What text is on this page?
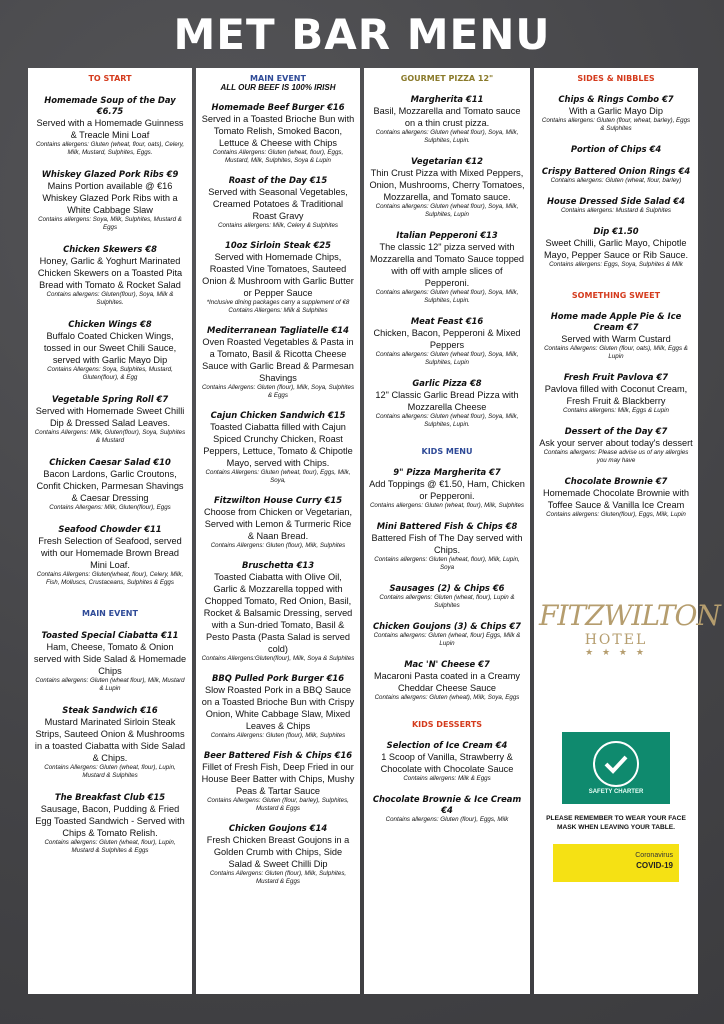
MET BAR MENU
TO START
Homemade Soup of the Day €6.75
Served with a Homemade Guinness & Treacle Mini Loaf
Contains allergens: Gluten (wheat, flour, oats), Celery, Milk, Mustard, Sulphites, Eggs.
Whiskey Glazed Pork Ribs €9
Mains Portion available @ €16 Whiskey Glazed Pork Ribs with a White Cabbage Slaw
Contains allergens: Soya, Milk, Sulphites, Mustard & Eggs
Chicken Skewers €8
Honey, Garlic & Yoghurt Marinated Chicken Skewers on a Toasted Pita Bread with Tomato & Rocket Salad
Contains allergens: Gluten(flour), Soya, Milk & Sulphites.
Chicken Wings €8
Buffalo Coated Chicken Wings, tossed in our Sweet Chili Sauce, served with Garlic Mayo Dip
Contains Allergens: Soya, Sulphites, Mustard, Gluten(flour), & Egg
Vegetable Spring Roll €7
Served with Homemade Sweet Chilli Dip & Dressed Salad Leaves.
Contains Allergens: Milk, Gluten(flour), Soya, Sulphites & Mustard
Chicken Caesar Salad €10
Bacon Lardons, Garlic Croutons, Confit Chicken, Parmesan Shavings & Caesar Dressing
Contains Allergens: Milk, Gluten(flour), Eggs
Seafood Chowder €11
Fresh Selection of Seafood, served with our Homemade Brown Bread Mini Loaf.
Contains Allergens: Gluten(wheat, flour), Celery, Milk, Fish, Molluscs, Crustaceans, Sulphites & Eggs
MAIN EVENT
Toasted Special Ciabatta €11
Ham, Cheese, Tomato & Onion served with Side Salad & Homemade Chips
Contains allergens: Gluten (wheat flour), Milk, Mustard & Lupin
Steak Sandwich €16
Mustard Marinated Sirloin Steak Strips, Sauteed Onion & Mushrooms in a toasted Ciabatta with Side Salad & Chips.
Contains Allergens: Gluten (wheat, flour), Lupin, Mustard & Sulphites
The Breakfast Club €15
Sausage, Bacon, Pudding & Fried Egg Toasted Sandwich - Served with Chips & Tomato Relish.
Contains allergens: Gluten (wheat, flour), Lupin, Mustard & Sulphites & Eggs
MAIN EVENT
ALL OUR BEEF IS 100% IRISH
Homemade Beef Burger €16
Served in a Toasted Brioche Bun with Tomato Relish, Smoked Bacon, Lettuce & Cheese with Chips
Contains Allergens: Gluten (wheat, flour), Eggs, Mustard, Milk, Sulphites, Soya & Lupin
Roast of the Day €15
Served with Seasonal Vegetables, Creamed Potatoes & Traditional Roast Gravy
Contains allergens: Milk, Celery & Sulphites
10oz Sirloin Steak €25
Served with Homemade Chips, Roasted Vine Tomatoes, Sauteed Onion & Mushroom with Garlic Butter or Pepper Sauce
*Inclusive dining packages carry a supplement of €8
Contains Allergens: Milk & Sulphites
Mediterranean Tagliatelle €14
Oven Roasted Vegetables & Pasta in a Tomato, Basil & Ricotta Cheese Sauce with Garlic Bread & Parmesan Shavings
Contains Allergens: Gluten (flour), Milk, Soya, Sulphites & Eggs
Cajun Chicken Sandwich €15
Toasted Ciabatta filled with Cajun Spiced Crunchy Chicken, Roast Peppers, Lettuce, Tomato & Chipotle Mayo, served with Chips.
Contains Allergens: Gluten (wheat, flour), Eggs, Milk, Soya,
Fitzwilton House Curry €15
Choose from Chicken or Vegetarian, Served with Lemon & Turmeric Rice & Naan Bread.
Contains Allergens: Gluten (flour), Milk, Sulphites
Bruschetta €13
Toasted Ciabatta with Olive Oil, Garlic & Mozzarella topped with Chopped Tomato, Red Onion, Basil, Rocket & Balsamic Dressing, served with a Sun-dried Tomato, Basil & Pesto Pasta (Pasta Salad is served cold)
Contains Allergens:Gluten(flour), Milk, Soya & Sulphites
BBQ Pulled Pork Burger €16
Slow Roasted Pork in a BBQ Sauce on a Toasted Brioche Bun with Crispy Onion, White Cabbage Slaw, Mixed Leaves & Chips
Contains Allergens: Gluten (flour), Milk, Sulphites
Beer Battered Fish & Chips €16
Fillet of Fresh Fish, Deep Fried in our House Beer Batter with Chips, Mushy Peas & Tartar Sauce
Contains Allergens: Gluten (flour, barley), Sulphites, Mustard & Eggs
Chicken Goujons €14
Fresh Chicken Breast Goujons in a Golden Crumb with Chips, Side Salad & Sweet Chilli Dip
Contains Allergens: Gluten (flour), Milk, Sulphites, Mustard & Eggs
GOURMET PIZZA 12"
Margherita €11
Basil, Mozzarella and Tomato sauce on a thin crust pizza.
Contains allergens: Gluten (wheat flour), Soya, Milk, Sulphites, Lupin.
Vegetarian €12
Thin Crust Pizza with Mixed Peppers, Onion, Mushrooms, Cherry Tomatoes, Mozzarella, and Tomato sauce.
Contains allergens: Gluten (wheat flour), Soya, Milk, Sulphites, Lupin
Italian Pepperoni €13
The classic 12" pizza served with Mozzarella and Tomato Sauce topped with off with ample slices of Pepperoni.
Contains allergens: Gluten (wheat flour), Soya, Milk, Sulphites, Lupin.
Meat Feast €16
Chicken, Bacon, Pepperoni & Mixed Peppers
Contains allergens: Gluten (wheat flour), Soya, Milk, Sulphites, Lupin
Garlic Pizza €8
12" Classic Garlic Bread Pizza with Mozzarella Cheese
Contains allergens: Gluten (wheat flour), Soya, Milk, Sulphites, Lupin.
KIDS MENU
9" Pizza Margherita €7
Add Toppings @ €1.50, Ham, Chicken or Pepperoni.
Contains allergens: Gluten (wheat, flour), Milk, Sulphites
Mini Battered Fish & Chips €8
Battered Fish of The Day served with Chips.
Contains allergens: Gluten (wheat, flour), Milk, Lupin, Soya
Sausages (2) & Chips €6
Contains allergens: Gluten (wheat, flour), Lupin & Sulphites
Chicken Goujons (3) & Chips €7
Contains allergens: Gluten (wheat, flour) Eggs, Milk & Lupin
Mac 'N' Cheese €7
Macaroni Pasta coated in a Creamy Cheddar Cheese Sauce
Contains allergens: Gluten (wheat), Milk, Soya, Eggs
KIDS DESSERTS
Selection of Ice Cream €4
1 Scoop of Vanilla, Strawberry & Chocolate with Chocolate Sauce
Contains allergens: Milk & Eggs
Chocolate Brownie & Ice Cream €4
Contains allergens: Gluten (flour), Eggs, Milk
SIDES & NIBBLES
Chips & Rings Combo €7
With a Garlic Mayo Dip
Contains allergens: Gluten (flour, wheat, barley), Eggs & Sulphites
Portion of Chips €4
Crispy Battered Onion Rings €4
Contains allergens: Gluten (wheat, flour, barley)
House Dressed Side Salad €4
Contains allergens: Mustard & Sulphites
Dip €1.50
Sweet Chilli, Garlic Mayo, Chipotle Mayo, Pepper Sauce or Rib Sauce.
Contains allergens: Eggs, Soya, Sulphites & Milk
SOMETHING SWEET
Home made Apple Pie & Ice Cream €7
Served with Warm Custard
Contains Allergens: Gluten (flour, oats), Milk, Eggs & Lupin
Fresh Fruit Pavlova €7
Pavlova filled with Coconut Cream, Fresh Fruit & Blackberry
Contains allergens: Milk, Eggs & Lupin
Dessert of the Day €7
Ask your server about today's dessert
Contains allergens: Please advise us of any allergies you may have
Chocolate Brownie €7
Homemade Chocolate Brownie with Toffee Sauce & Vanilla Ice Cream
Contains allergens: Gluten(flour), Eggs, Milk, Lupin
FITZWILTON
HOTEL
★ ★ ★ ★
SAFETY CHARTER
PLEASE REMEMBER TO WEAR YOUR FACE MASK WHEN LEAVING YOUR TABLE.
Coronavirus
COVID-19
